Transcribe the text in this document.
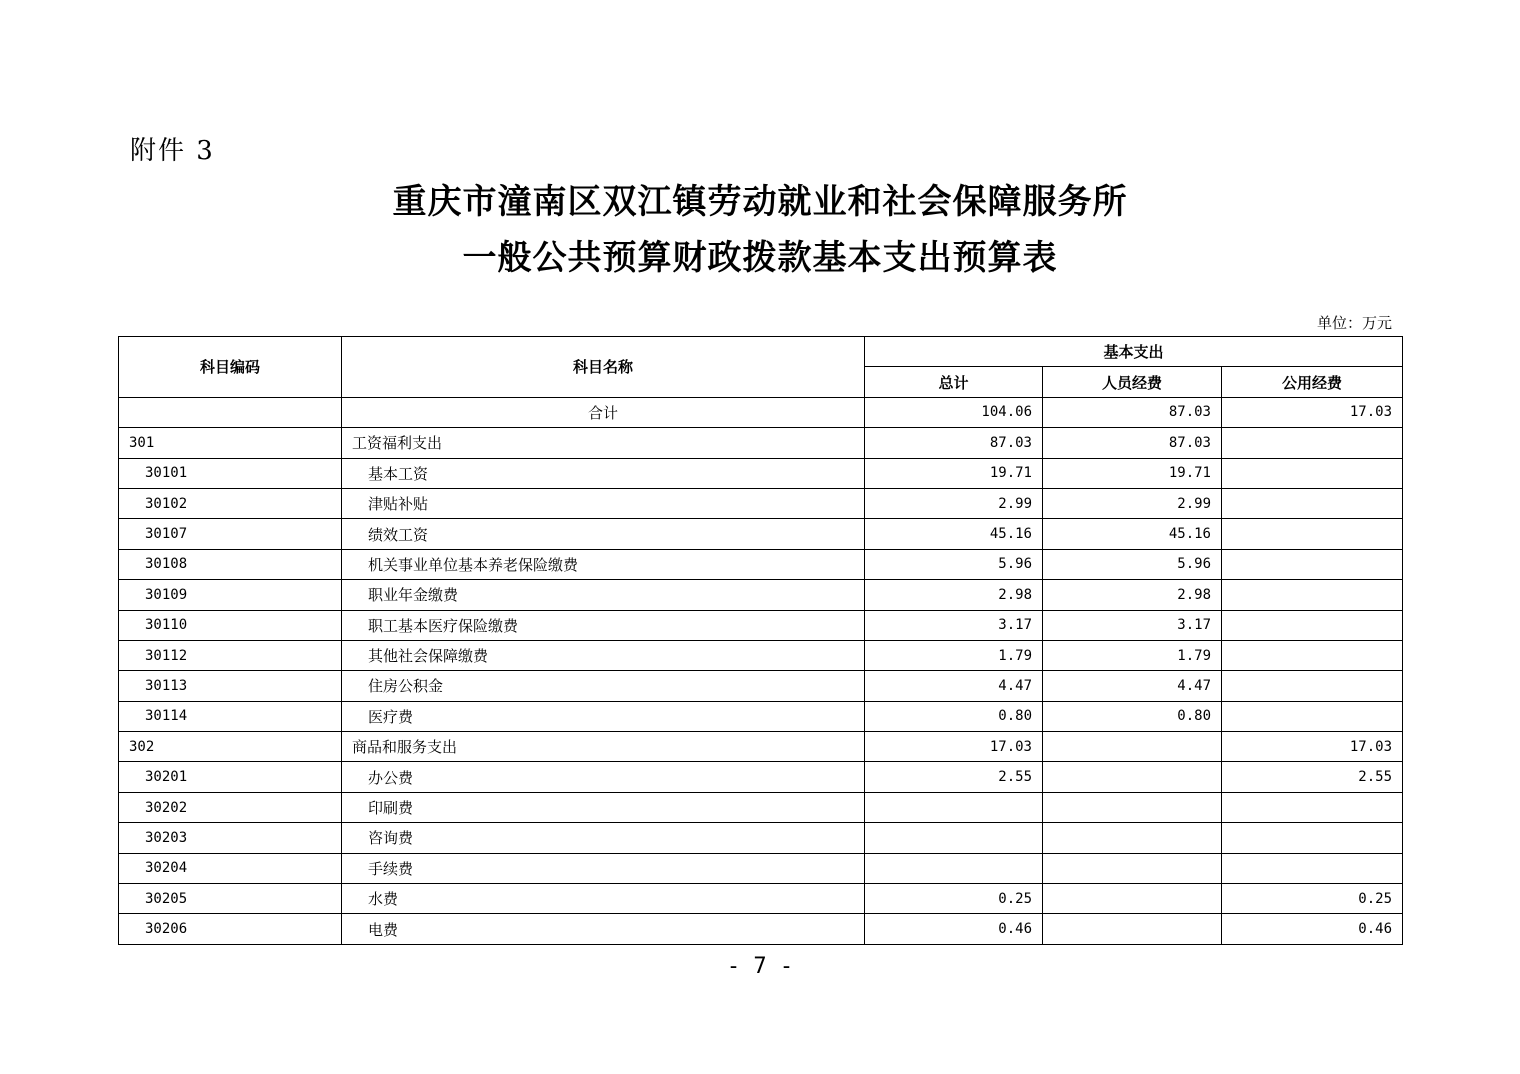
附件 3
重庆市潼南区双江镇劳动就业和社会保障服务所
一般公共预算财政拨款基本支出预算表
单位：万元
科目编码	科目名称	基本支出		
		总计	人员经费	公用经费
	合计	104.06	87.03	17.03
301	工资福利支出	87.03	87.03	
30101	基本工资	19.71	19.71	
30102	津贴补贴	2.99	2.99	
30107	绩效工资	45.16	45.16	
30108	机关事业单位基本养老保险缴费	5.96	5.96	
30109	职业年金缴费	2.98	2.98	
30110	职工基本医疗保险缴费	3.17	3.17	
30112	其他社会保障缴费	1.79	1.79	
30113	住房公积金	4.47	4.47	
30114	医疗费	0.80	0.80	
302	商品和服务支出	17.03		17.03
30201	办公费	2.55		2.55
30202	印刷费			
30203	咨询费			
30204	手续费			
30205	水费	0.25		0.25
30206	电费	0.46		0.46
- 7 -
